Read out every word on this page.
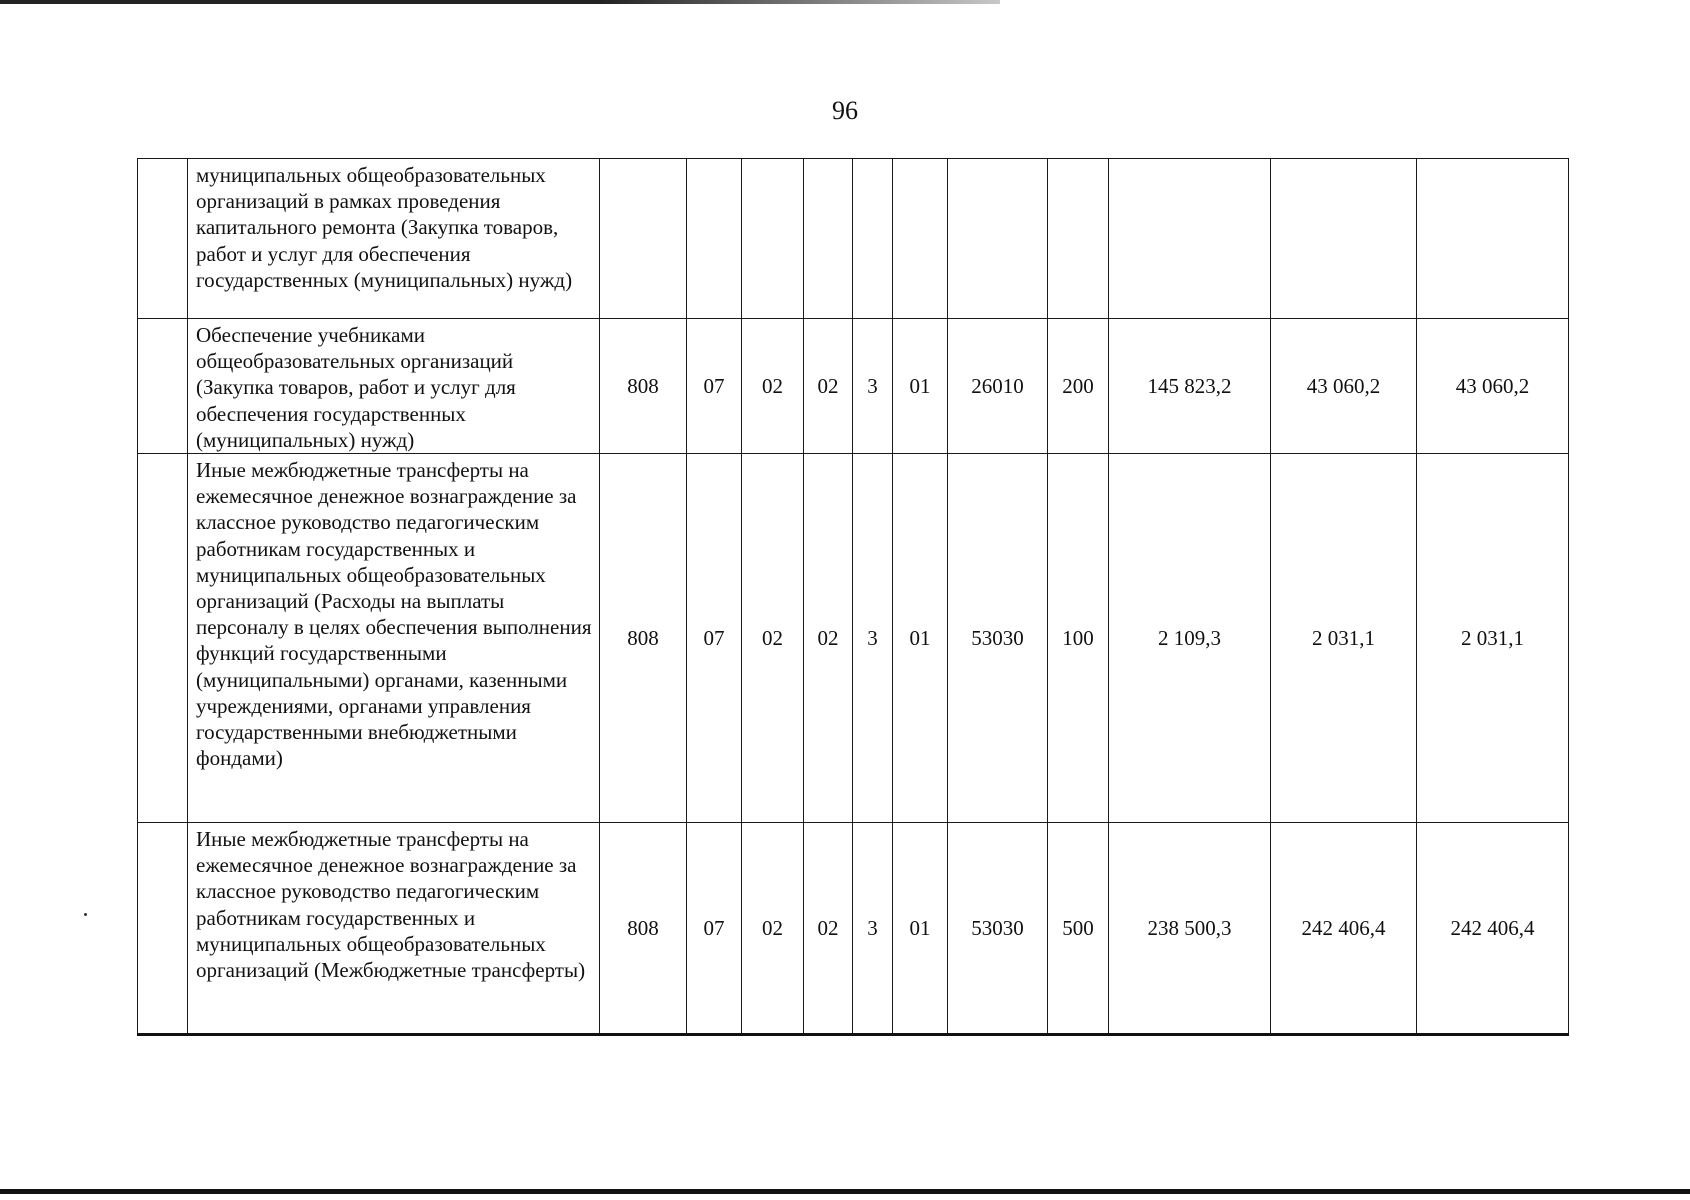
96
	муниципальных общеобразовательных организаций в рамках проведения капитального ремонта (Закупка товаров, работ и услуг для обеспечения государственных (муниципальных) нужд)											
	Обеспечение учебниками общеобразовательных организаций (Закупка товаров, работ и услуг для обеспечения государственных (муниципальных) нужд)	808	07	02	02	3	01	26010	200	145 823,2	43 060,2	43 060,2
	Иные межбюджетные трансферты на ежемесячное денежное вознаграждение за классное руководство педагогическим работникам государственных и муниципальных общеобразовательных организаций (Расходы на выплаты персоналу в целях обеспечения выполнения функций государственными (муниципальными) органами, казенными учреждениями, органами управления государственными внебюджетными фондами)	808	07	02	02	3	01	53030	100	2 109,3	2 031,1	2 031,1
	Иные межбюджетные трансферты на ежемесячное денежное вознаграждение за классное руководство педагогическим работникам государственных и муниципальных общеобразовательных организаций (Межбюджетные трансферты)	808	07	02	02	3	01	53030	500	238 500,3	242 406,4	242 406,4
